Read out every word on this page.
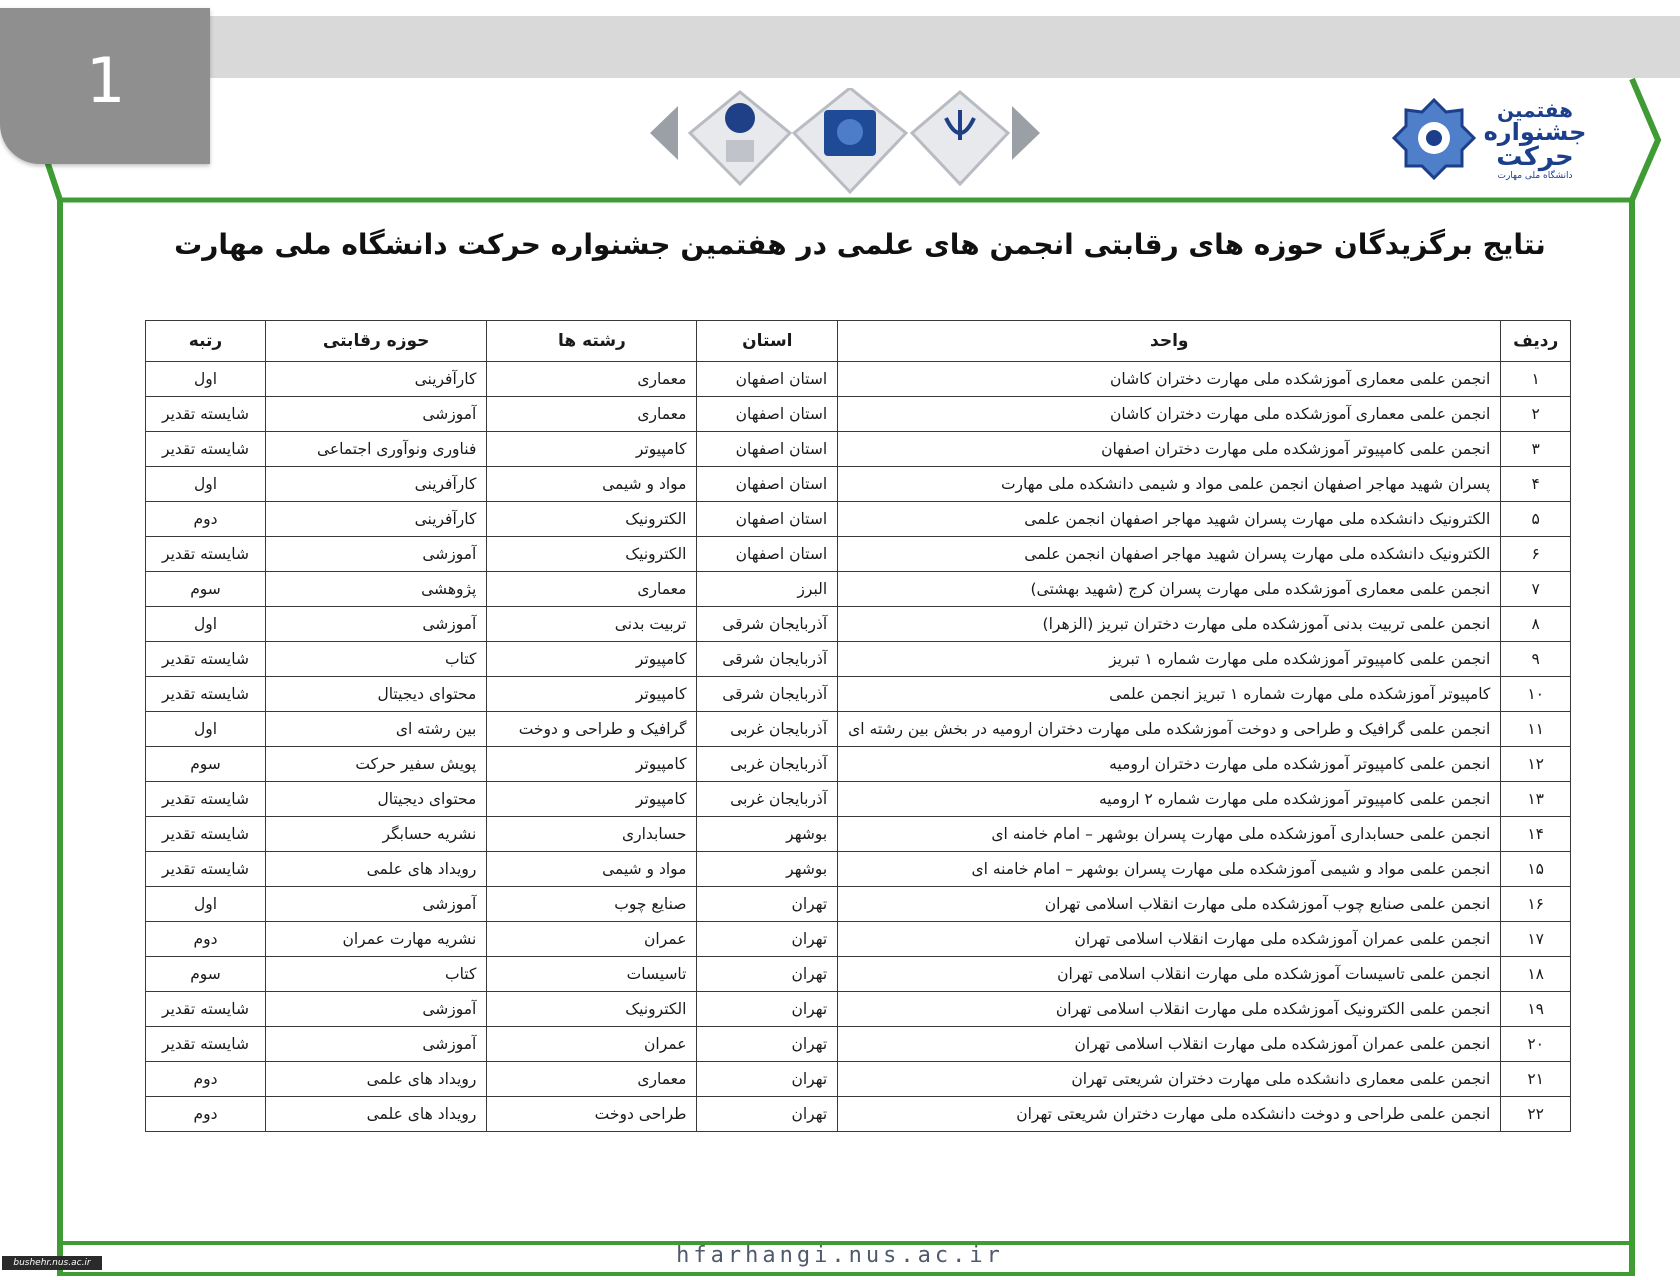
1	هفتمین
جشنواره
حرکت
دانشگاه ملی مهارت
نتایج برگزیدگان حوزه های رقابتی انجمن های علمی در هفتمین جشنواره حرکت دانشگاه ملی مهارت
ردیف	واحد	استان	رشته ها	حوزه رقابتی	رتبه
۱	انجمن علمی معماری آموزشکده ملی مهارت دختران کاشان	استان اصفهان	معماری	کارآفرینی	اول
۲	انجمن علمی معماری آموزشکده ملی مهارت دختران کاشان	استان اصفهان	معماری	آموزشی	شایسته تقدیر
۳	انجمن علمی کامپیوتر آموزشکده ملی مهارت دختران اصفهان	استان اصفهان	کامپیوتر	فناوری ونوآوری اجتماعی	شایسته تقدیر
۴	پسران شهید مهاجر اصفهان انجمن علمی مواد و شیمی دانشکده ملی مهارت	استان اصفهان	مواد و شیمی	کارآفرینی	اول
۵	الکترونیک دانشکده ملی مهارت پسران شهید مهاجر اصفهان انجمن علمی	استان اصفهان	الکترونیک	کارآفرینی	دوم
۶	الکترونیک دانشکده ملی مهارت پسران شهید مهاجر اصفهان انجمن علمی	استان اصفهان	الکترونیک	آموزشی	شایسته تقدیر
۷	انجمن علمی معماری آموزشکده ملی مهارت پسران کرج (شهید بهشتی)	البرز	معماری	پژوهشی	سوم
۸	انجمن علمی تربیت بدنی آموزشکده ملی مهارت دختران تبریز (الزهرا)	آذربایجان شرقی	تربیت بدنی	آموزشی	اول
۹	انجمن علمی کامپیوتر آموزشکده ملی مهارت شماره ۱ تبریز	آذربایجان شرقی	کامپیوتر	کتاب	شایسته تقدیر
۱۰	کامپیوتر آموزشکده ملی مهارت شماره ۱ تبریز انجمن علمی	آذربایجان شرقی	کامپیوتر	محتوای دیجیتال	شایسته تقدیر
۱۱	انجمن علمی گرافیک و طراحی و دوخت آموزشکده ملی مهارت دختران ارومیه در بخش بین رشته ای	آذربایجان غربی	گرافیک و طراحی و دوخت	بین رشته ای	اول
۱۲	انجمن علمی کامپیوتر آموزشکده ملی مهارت دختران ارومیه	آذربایجان غربی	کامپیوتر	پویش سفیر حرکت	سوم
۱۳	انجمن علمی کامپیوتر آموزشکده ملی مهارت شماره ۲ ارومیه	آذربایجان غربی	کامپیوتر	محتوای دیجیتال	شایسته تقدیر
۱۴	انجمن علمی حسابداری آموزشکده ملی مهارت پسران بوشهر – امام خامنه ای	بوشهر	حسابداری	نشریه حسابگر	شایسته تقدیر
۱۵	انجمن علمی مواد و شیمی آموزشکده ملی مهارت پسران بوشهر – امام خامنه ای	بوشهر	مواد و شیمی	رویداد های علمی	شایسته تقدیر
۱۶	انجمن علمی صنایع چوب آموزشکده ملی مهارت انقلاب اسلامی تهران	تهران	صنایع چوب	آموزشی	اول
۱۷	انجمن علمی عمران آموزشکده ملی مهارت انقلاب اسلامی تهران	تهران	عمران	نشریه مهارت عمران	دوم
۱۸	انجمن علمی تاسیسات آموزشکده ملی مهارت انقلاب اسلامی تهران	تهران	تاسیسات	کتاب	سوم
۱۹	انجمن علمی الکترونیک آموزشکده ملی مهارت انقلاب اسلامی تهران	تهران	الکترونیک	آموزشی	شایسته تقدیر
۲۰	انجمن علمی عمران آموزشکده ملی مهارت انقلاب اسلامی تهران	تهران	عمران	آموزشی	شایسته تقدیر
۲۱	انجمن علمی معماری دانشکده ملی مهارت دختران شریعتی تهران	تهران	معماری	رویداد های علمی	دوم
۲۲	انجمن علمی طراحی و دوخت دانشکده ملی مهارت دختران شریعتی تهران	تهران	طراحی دوخت	رویداد های علمی	دوم
hfarhangi.nus.ac.ir
bushehr.nus.ac.ir
